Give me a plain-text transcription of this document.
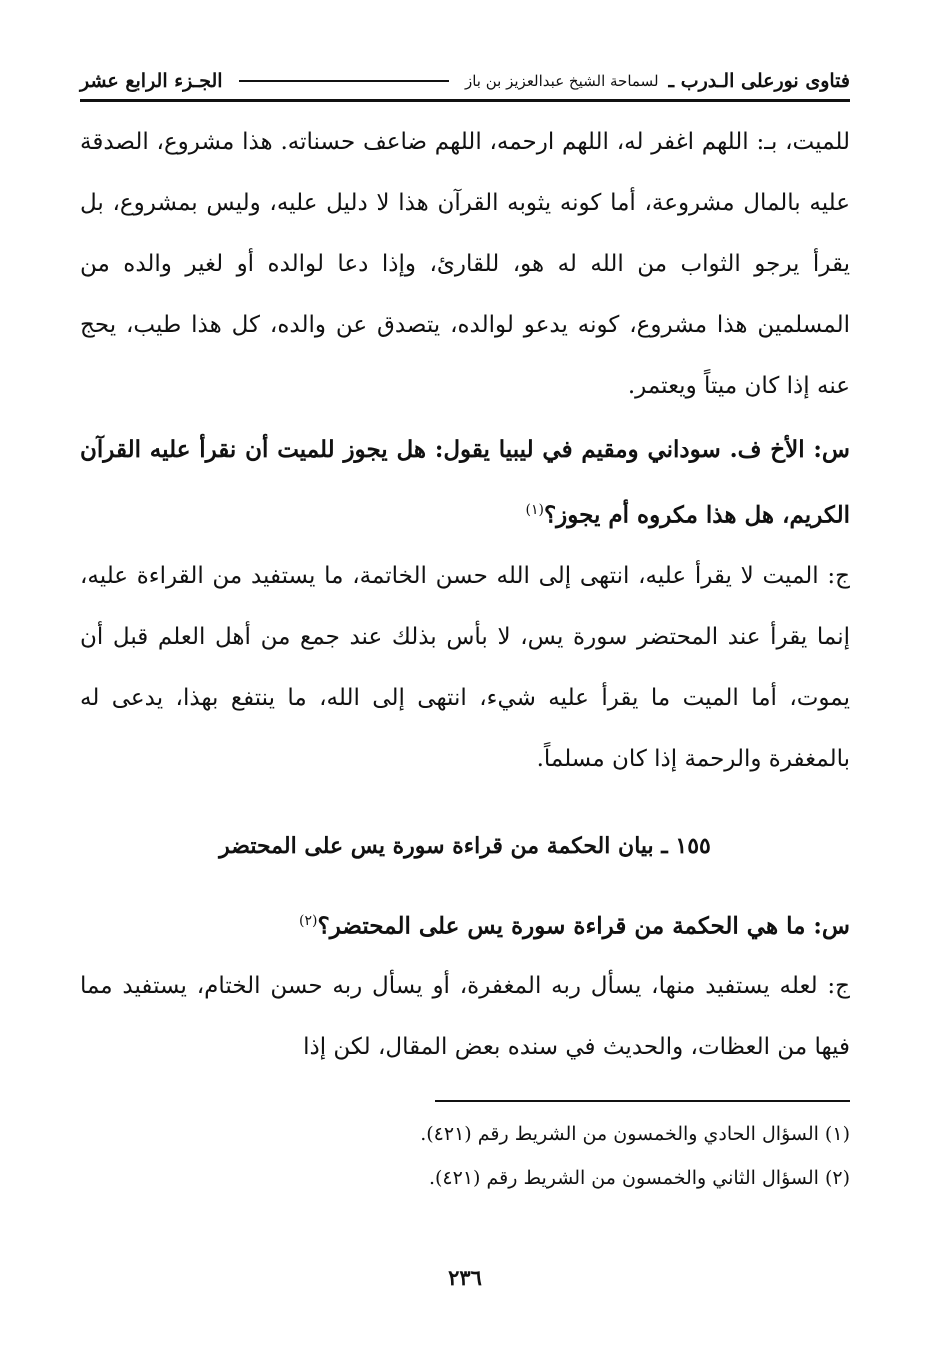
فتاوى نورعلى الـدرب ـ
لسماحة الشيخ عبدالعزيز بن باز
الجـزء الرابع عشر

للميت، بـ: اللهم اغفر له، اللهم ارحمه، اللهم ضاعف حسناته. هذا مشروع، الصدقة عليه بالمال مشروعة، أما كونه يثوبه القرآن هذا لا دليل عليه، وليس بمشروع، بل يقرأ يرجو الثواب من الله له هو، للقارئ، وإذا دعا لوالده أو لغير والده من المسلمين هذا مشروع، كونه يدعو لوالده، يتصدق عن والده، كل هذا طيب، يحج عنه إذا كان ميتاً ويعتمر.

س: الأخ ف. سوداني ومقيم في ليبيا يقول: هل يجوز للميت أن نقرأ عليه القرآن الكريم، هل هذا مكروه أم يجوز؟$^{(١)}$

ج: الميت لا يقرأ عليه، انتهى إلى الله حسن الخاتمة، ما يستفيد من القراءة عليه، إنما يقرأ عند المحتضر سورة يس، لا بأس بذلك عند جمع من أهل العلم قبل أن يموت، أما الميت ما يقرأ عليه شيء، انتهى إلى الله، ما ينتفع بهذا، يدعى له بالمغفرة والرحمة إذا كان مسلماً.

١٥٥ ـ بيان الحكمة من قراءة سورة يس على المحتضر

س: ما هي الحكمة من قراءة سورة يس على المحتضر؟$^{(٢)}$

ج: لعله يستفيد منها، يسأل ربه المغفرة، أو يسأل ربه حسن الختام، يستفيد مما فيها من العظات، والحديث في سنده بعض المقال، لكن إذا

(١) السؤال الحادي والخمسون من الشريط رقم (٤٢١).

(٢) السؤال الثاني والخمسون من الشريط رقم (٤٢١).

٢٣٦
